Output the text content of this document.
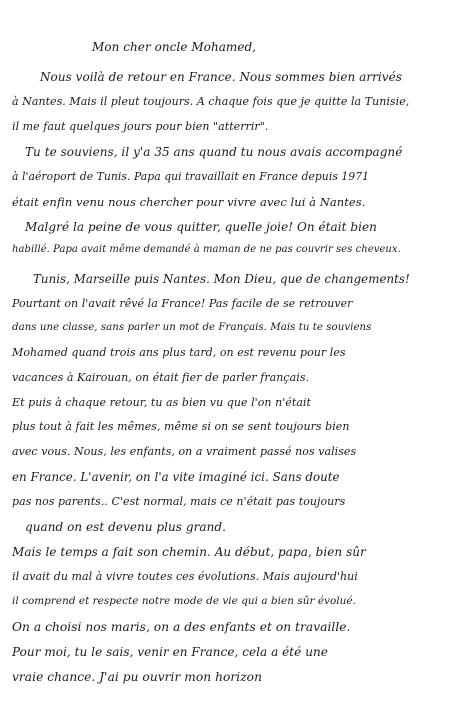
Mon cher oncle Mohamed,
Nous voilà de retour en France. Nous sommes bien arrivés
à Nantes. Mais il pleut toujours. A chaque fois que je quitte la Tunisie,
il me faut quelques jours pour bien "atterrir".
Tu te souviens, il y'a 35 ans quand tu nous avais accompagné
à l'aéroport de Tunis. Papa qui travaillait en France depuis 1971
était enfin venu nous chercher pour vivre avec lui à Nantes.
Malgré la peine de vous quitter, quelle joie! On était bien
habillé. Papa avait même demandé à maman de ne pas couvrir ses cheveux.
Tunis, Marseille puis Nantes. Mon Dieu, que de changements!
Pourtant on l'avait rêvé la France! Pas facile de se retrouver
dans une classe, sans parler un mot de Français. Mais tu te souviens
Mohamed quand trois ans plus tard, on est revenu pour les
vacances à Kairouan, on était fier de parler français.
Et puis à chaque retour, tu as bien vu que l'on n'était
plus tout à fait les mêmes, même si on se sent toujours bien
avec vous. Nous, les enfants, on a vraiment passé nos valises
en France. L'avenir, on l'a vite imaginé ici. Sans doute
pas nos parents.. C'est normal, mais ce n'était pas toujours
quand on est devenu plus grand.
Mais le temps a fait son chemin. Au début, papa, bien sûr
il avait du mal à vivre toutes ces évolutions. Mais aujourd'hui
il comprend et respecte notre mode de vie qui a bien sûr évolué.
On a choisi nos maris, on a des enfants et on travaille.
Pour moi, tu le sais, venir en France, cela a été une
vraie chance. J'ai pu ouvrir mon horizon
